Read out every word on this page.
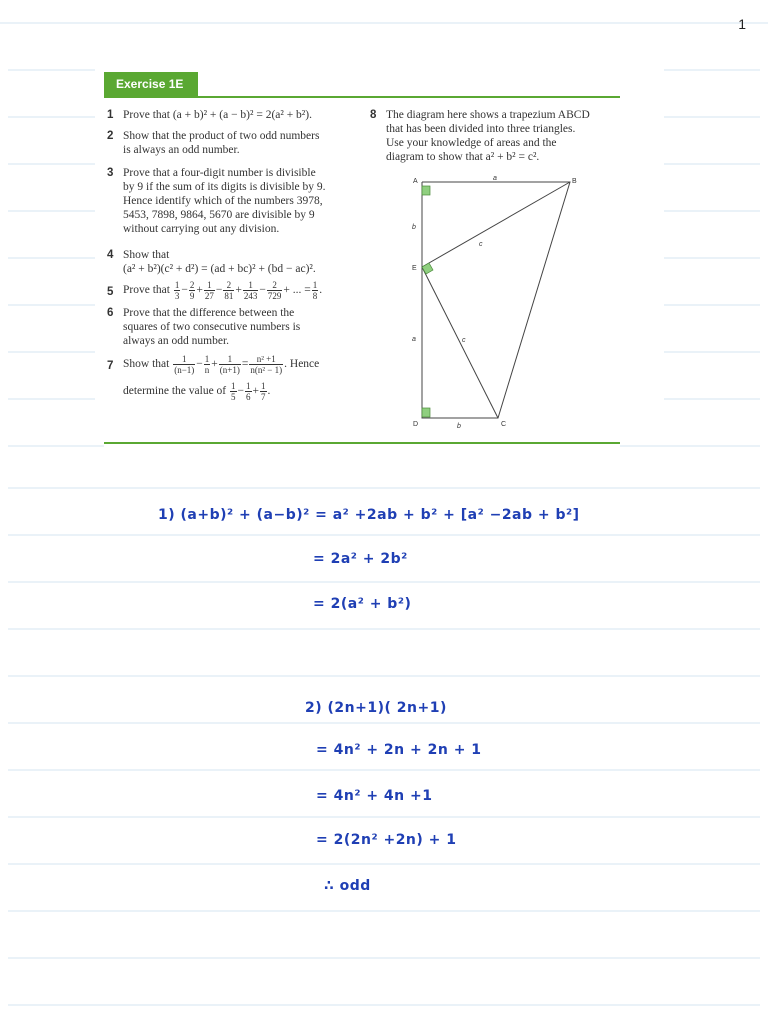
1
Exercise 1E
1 Prove that (a + b)² + (a − b)² = 2(a² + b²).
2 Show that the product of two odd numbers
is always an odd number.
3 Prove that a four-digit number is divisible
by 9 if the sum of its digits is divisible by 9.
Hence identify which of the numbers 3978,
5453, 7898, 9864, 5670 are divisible by 9
without carrying out any division.
4 Show that
(a² + b²)(c² + d²) = (ad + bc)² + (bd − ac)².
5 Prove that $\frac{1}{3} - \frac{2}{9} + \frac{1}{27} - \frac{2}{81} + \frac{1}{243} - \frac{2}{729}$ + ... = $\frac{1}{8}$ .
6 Prove that the difference between the
squares of two consecutive numbers is
always an odd number.
7 Show that $\frac{1}{(n-1)} - \frac{1}{n} + \frac{1}{(n+1)} = \frac{\text{n² +1}}{\text{n(n² − 1)}}$ . Hence
determine the value of $\frac{1}{5} - \frac{1}{6} + \frac{1}{7}$ .
8 The diagram here shows a trapezium ABCD
that has been divided into three triangles.
Use your knowledge of areas and the
diagram to show that a² + b² = c².
A	B
C
D
E
a
b
c
a	c
b
1) (a+b)² + (a−b)² = a² +2ab + b² + [a² −2ab + b²]
= 2a² + 2b²
= 2(a² + b²)
2) (2n+1)( 2n+1)
= 4n² + 2n + 2n + 1
= 4n² + 4n +1
= 2(2n² +2n) + 1
∴ odd
